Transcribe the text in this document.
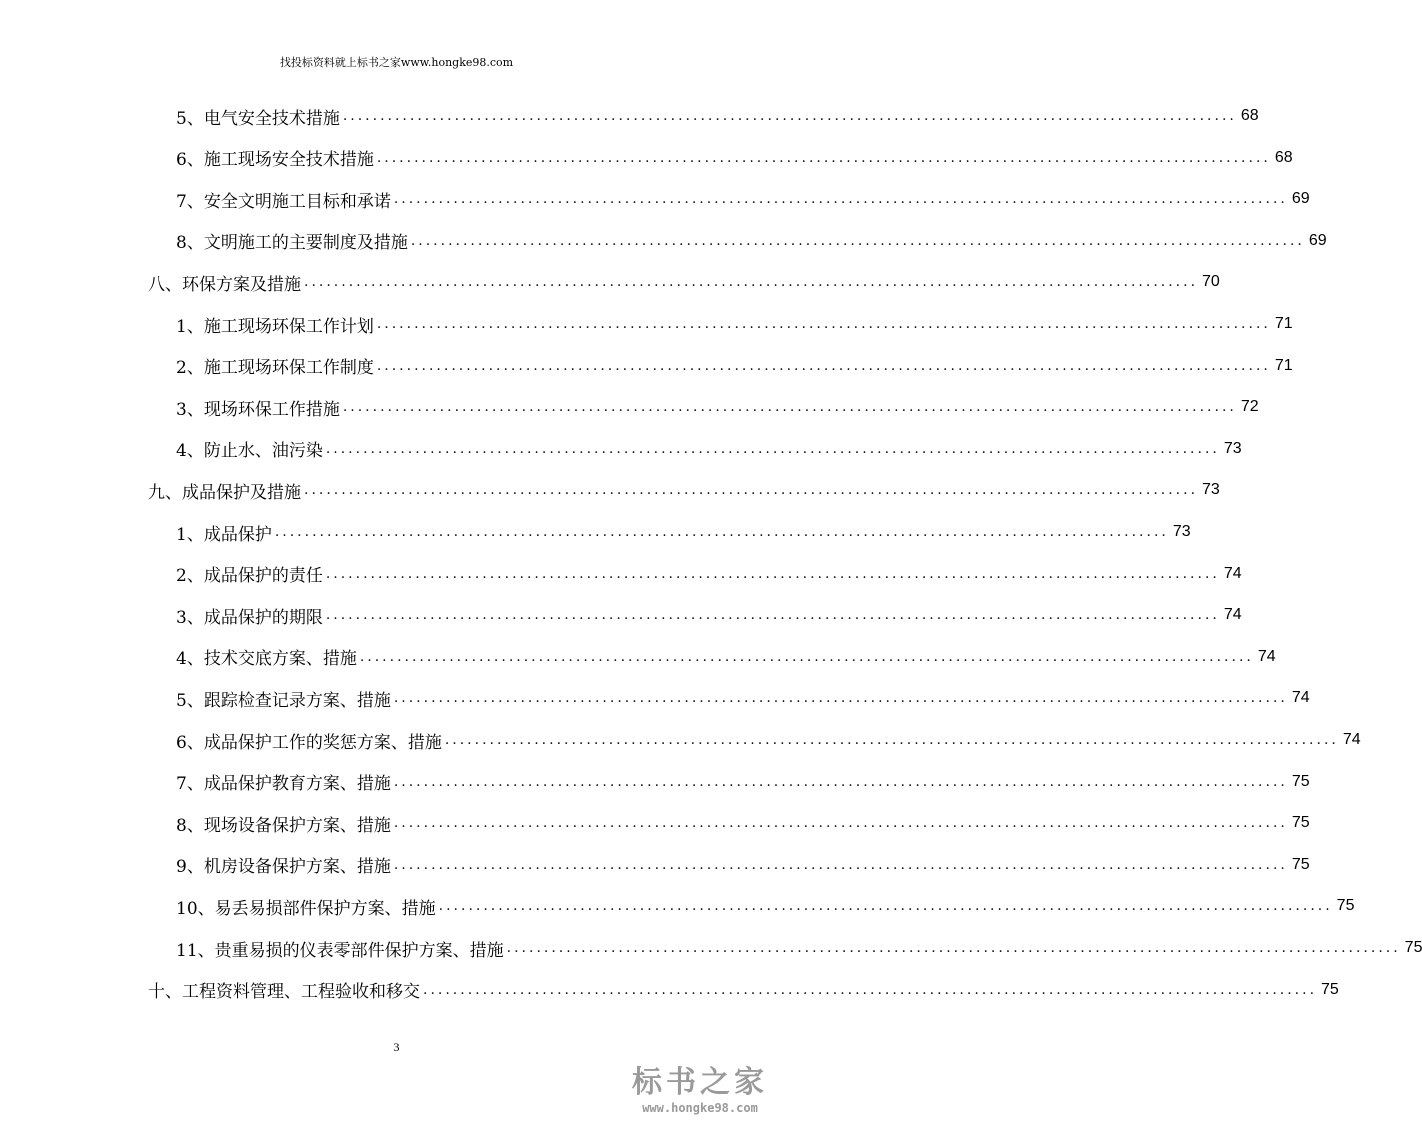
找投标资料就上标书之家www.hongke98.com
5、电气安全技术措施 ........................................................................................................................ 68
6、施工现场安全技术措施 ........................................................................................................................ 68
7、安全文明施工目标和承诺 ........................................................................................................................ 69
8、文明施工的主要制度及措施 ........................................................................................................................ 69
八、环保方案及措施 ........................................................................................................................ 70
1、施工现场环保工作计划 ........................................................................................................................ 71
2、施工现场环保工作制度 ........................................................................................................................ 71
3、现场环保工作措施 ........................................................................................................................ 72
4、防止水、油污染 ........................................................................................................................ 73
九、成品保护及措施 ........................................................................................................................ 73
1、成品保护 ........................................................................................................................ 73
2、成品保护的责任 ........................................................................................................................ 74
3、成品保护的期限 ........................................................................................................................ 74
4、技术交底方案、措施 ........................................................................................................................ 74
5、跟踪检查记录方案、措施 ........................................................................................................................ 74
6、成品保护工作的奖惩方案、措施 ........................................................................................................................ 74
7、成品保护教育方案、措施 ........................................................................................................................ 75
8、现场设备保护方案、措施 ........................................................................................................................ 75
9、机房设备保护方案、措施 ........................................................................................................................ 75
10、易丢易损部件保护方案、措施 ........................................................................................................................ 75
11、贵重易损的仪表零部件保护方案、措施 ........................................................................................................................ 75
十、工程资料管理、工程验收和移交 ........................................................................................................................ 75
3
标书之家
www.hongke98.com
